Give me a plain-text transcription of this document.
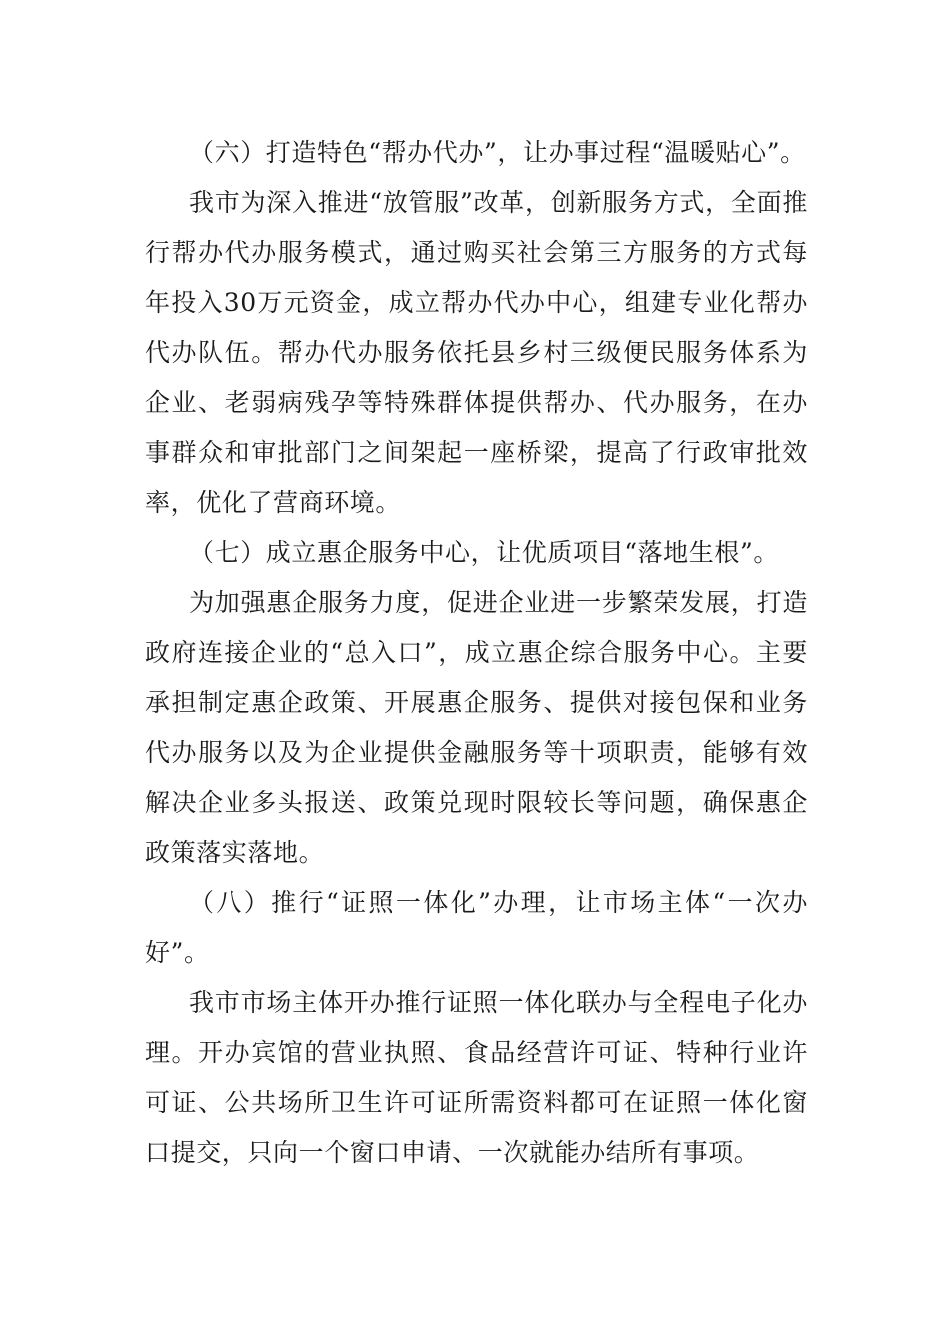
（六）打造特色“帮办代办”，让办事过程“温暖贴心”。

我市为深入推进“放管服”改革，创新服务方式，全面推行帮办代办服务模式，通过购买社会第三方服务的方式每年投入30万元资金，成立帮办代办中心，组建专业化帮办代办队伍。帮办代办服务依托县乡村三级便民服务体系为企业、老弱病残孕等特殊群体提供帮办、代办服务，在办事群众和审批部门之间架起一座桥梁，提高了行政审批效率，优化了营商环境。

（七）成立惠企服务中心，让优质项目“落地生根”。

为加强惠企服务力度，促进企业进一步繁荣发展，打造政府连接企业的“总入口”，成立惠企综合服务中心。主要承担制定惠企政策、开展惠企服务、提供对接包保和业务代办服务以及为企业提供金融服务等十项职责，能够有效解决企业多头报送、政策兑现时限较长等问题，确保惠企政策落实落地。

（八）推行“证照一体化”办理，让市场主体“一次办好”。

我市市场主体开办推行证照一体化联办与全程电子化办理。开办宾馆的营业执照、食品经营许可证、特种行业许可证、公共场所卫生许可证所需资料都可在证照一体化窗口提交，只向一个窗口申请、一次就能办结所有事项。
